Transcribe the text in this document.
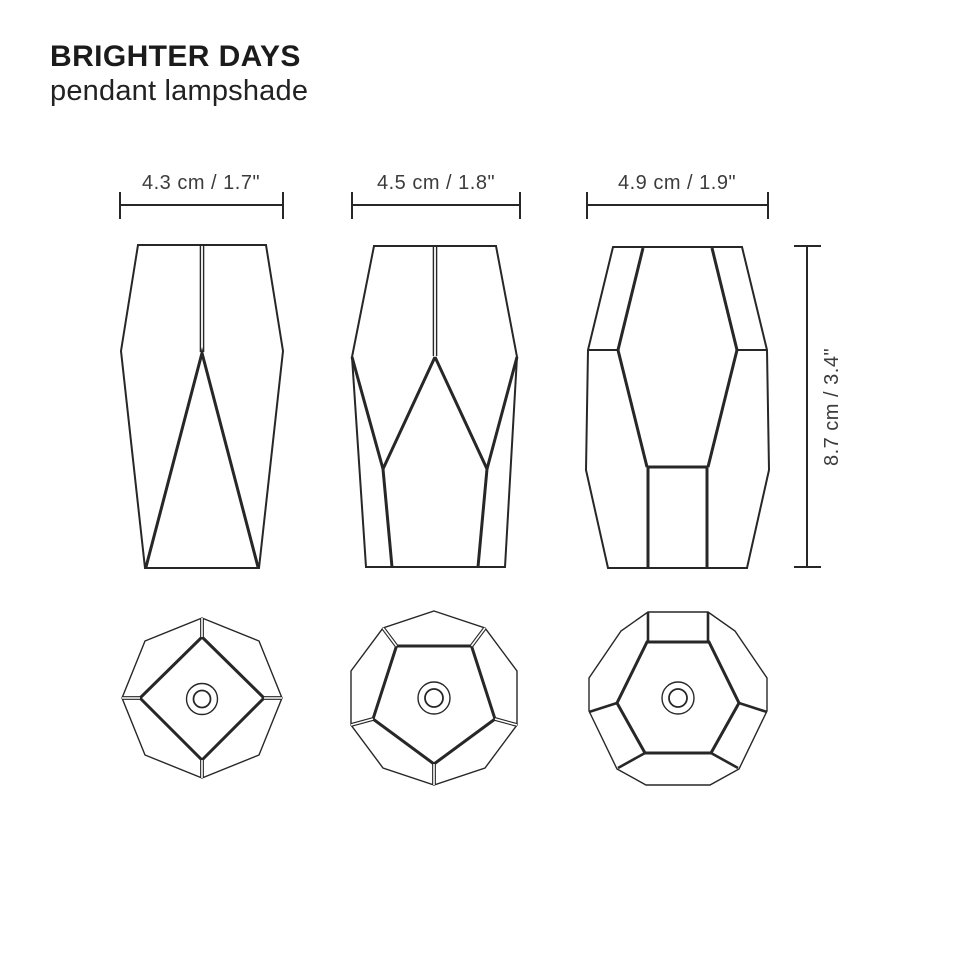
BRIGHTER DAYS
pendant lampshade
4.3 cm / 1.7"	4.5 cm / 1.8"	4.9 cm / 1.9"
8.7 cm / 3.4"
